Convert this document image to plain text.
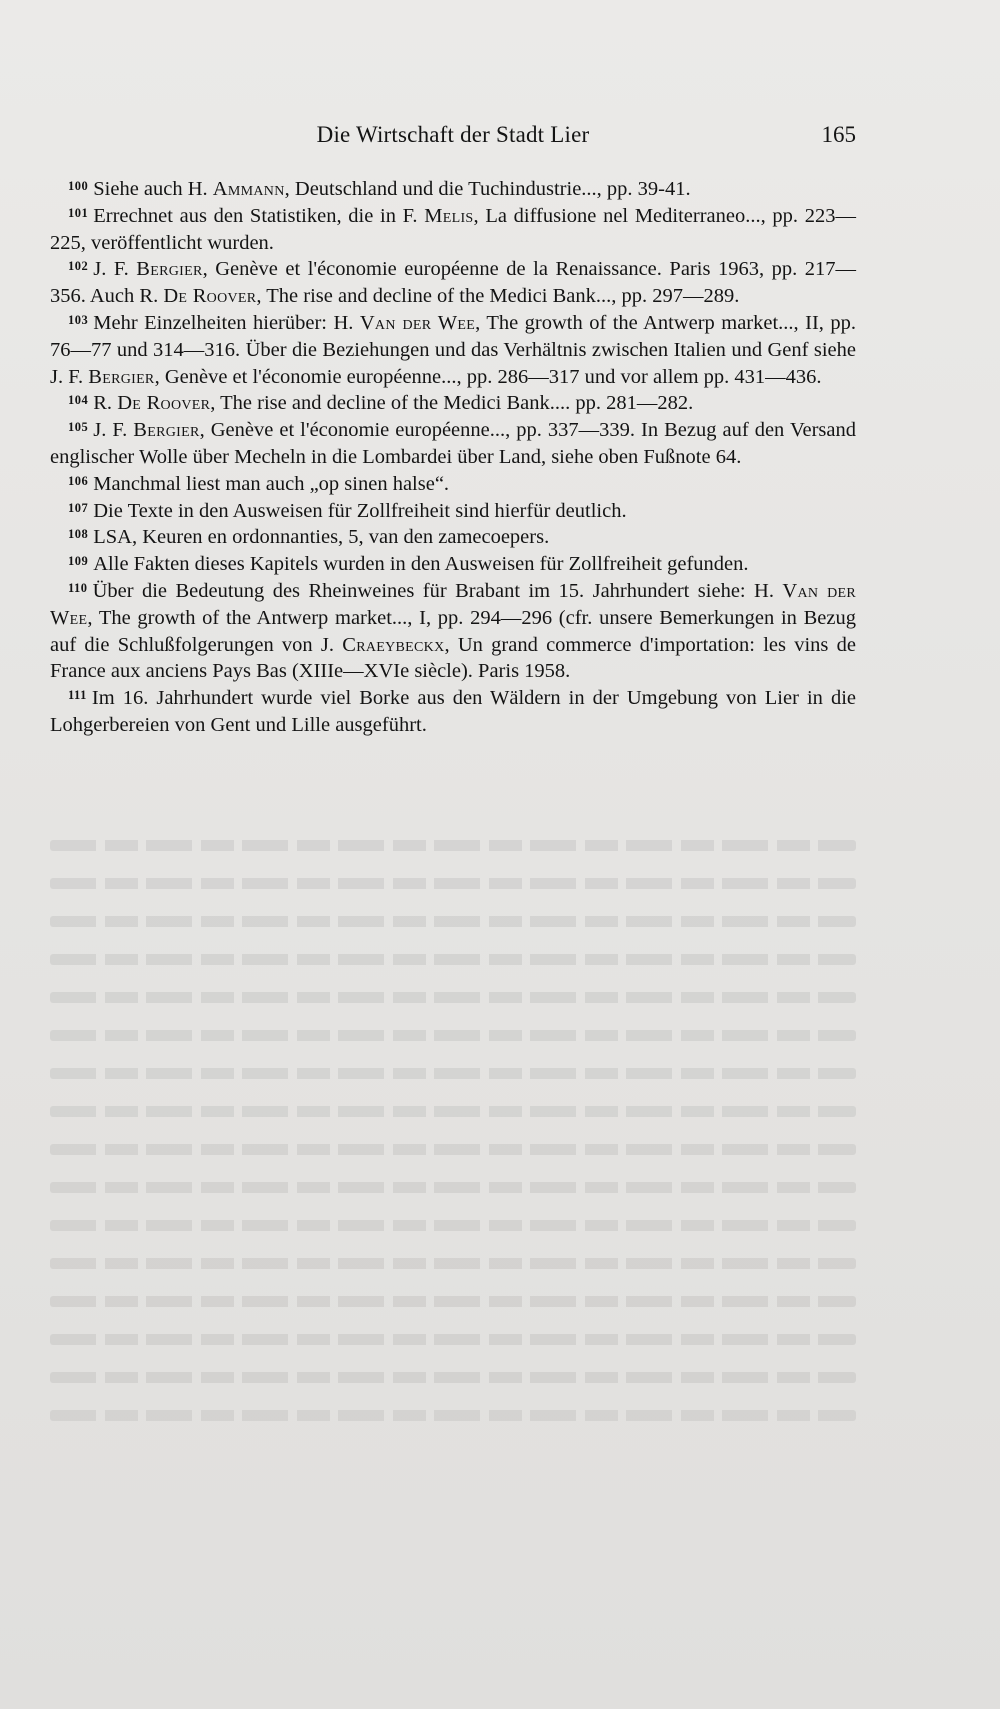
Die Wirtschaft der Stadt Lier	165

$^{100}$ Siehe auch H. Ammann, Deutschland und die Tuchindustrie..., pp. 39-41.

$^{101}$ Errechnet aus den Statistiken, die in F. Melis, La diffusione nel Mediterraneo..., pp. 223—225, veröffentlicht wurden.

$^{102}$ J. F. Bergier, Genève et l'économie européenne de la Renaissance. Paris 1963, pp. 217—356. Auch R. De Roover, The rise and decline of the Medici Bank..., pp. 297—289.

$^{103}$ Mehr Einzelheiten hierüber: H. Van der Wee, The growth of the Antwerp market..., II, pp. 76—77 und 314—316. Über die Beziehungen und das Verhältnis zwischen Italien und Genf siehe J. F. Bergier, Genève et l'économie européenne..., pp. 286—317 und vor allem pp. 431—436.

$^{104}$ R. De Roover, The rise and decline of the Medici Bank.... pp. 281—282.

$^{105}$ J. F. Bergier, Genève et l'économie européenne..., pp. 337—339. In Bezug auf den Versand englischer Wolle über Mecheln in die Lombardei über Land, siehe oben Fußnote 64.

$^{106}$ Manchmal liest man auch „op sinen halse“.

$^{107}$ Die Texte in den Ausweisen für Zollfreiheit sind hierfür deutlich.

$^{108}$ LSA, Keuren en ordonnanties, 5, van den zamecoepers.

$^{109}$ Alle Fakten dieses Kapitels wurden in den Ausweisen für Zollfreiheit gefunden.

$^{110}$ Über die Bedeutung des Rheinweines für Brabant im 15. Jahrhundert siehe: H. Van der Wee, The growth of the Antwerp market..., I, pp. 294—296 (cfr. unsere Bemerkungen in Bezug auf die Schlußfolgerungen von J. Craeybeckx, Un grand commerce d'importation: les vins de France aux anciens Pays Bas (XIIIe—XVIe siècle). Paris 1958.

$^{111}$ Im 16. Jahrhundert wurde viel Borke aus den Wäldern in der Umgebung von Lier in die Lohgerbereien von Gent und Lille ausgeführt.
